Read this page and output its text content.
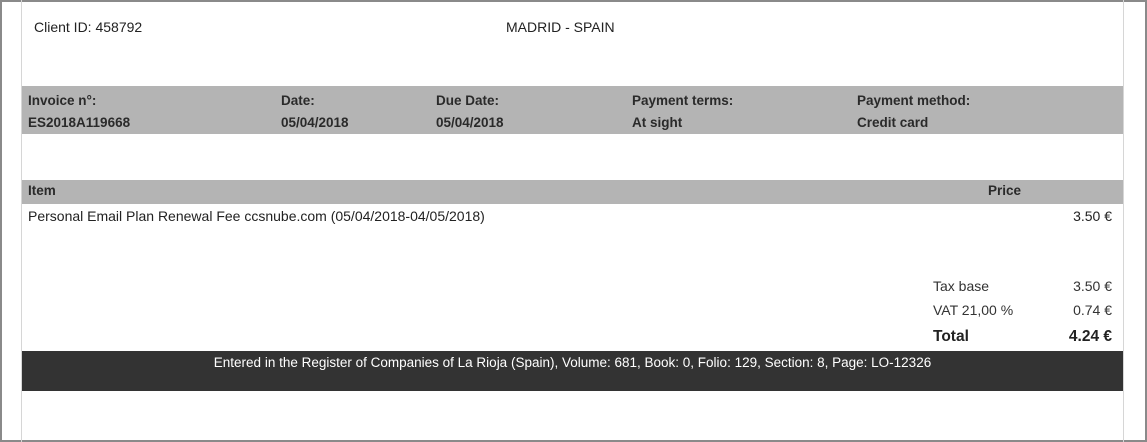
Client ID: 458792	MADRID - SPAIN
Invoice n°:
ES2018A119668
Date:
05/04/2018
Due Date:
05/04/2018
Payment terms:
At sight
Payment method:
Credit card
Item	Price
Personal Email Plan Renewal Fee ccsnube.com (05/04/2018-04/05/2018)	3.50 €
Tax base	3.50 €
VAT 21,00 %	0.74 €
Total	4.24 €
Entered in the Register of Companies of La Rioja (Spain), Volume: 681, Book: 0, Folio: 129, Section: 8, Page: LO-12326
